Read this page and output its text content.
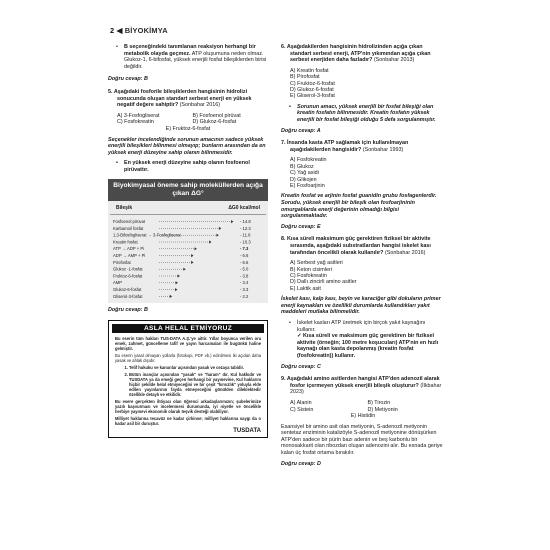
2 ◀ BİYOKİMYA

• B seçeneğindeki tanımlanan reaksiyon herhangi bir metabolik olayda geçmez. ATP oluşumuna neden olmaz. Glukoz-1, 6-bifosfat, yüksek enerjili fosfat bileşiklerden birisi değildir.

Doğru cevap: B

5. Aşağıdaki fosforile bileşiklerden hangisinin hidrolizi sonucunda oluşan standart serbest enerji en yüksek negatif değere sahiptir? (Sonbahar 2016)

A) 3-Fosfogliserat	B) Fosfoenol pirüvat
C) Fosfokreatin	D) Glukoz-6-fosfat
E) Fruktoz-6-fosfat

Seçenekler incelendiğinde sorunun amacının sadece yüksek enerjili bileşikleri bilinmesi olmayıp; bunların arasından da en yüksek enerji düzeyine sahip olanın bilinmesidir.

• En yüksek enerji düzeyine sahip olanın fosfoenol pirüvattır.

Biyokimyasal öneme sahip moleküllerden açığa çıkan ΔG°
Bileşik	ΔG0 kcal/mol
Fosfoenol pirüvat	- 14.8
Karbamoil fosfat	- 12.3
1,3-Bifosfogliserat → 3-Fosfogliserat	- 11.8
Kreatin fosfat	- 10.3
ATP → ADP + Pi	- 7.3
ADP → AMP + Pi	- 6.6
Pirofosfat	- 6.6
Glukoz -1-fosfat	- 5.0
Fruktoz-6-fosfat	- 3.8
AMP	- 3.4
Glukoz-6-fosfat	- 3.3
Gliserol-3-fosfat	- 2.2

Doğru cevap: B

ASLA HELAL ETMİYORUZ

Bu eserin tüm hakları TUS-DATA A.Ş.'ye aittir. Yıllar boyunca verilen ora emek, zahmet, güncelleme tafif ve yayın harcamaları ile bugünkü haline gelmiştir.

Bu eserin yasal olmayan yollarla (fotokopi, PDF vb.) edinilmesi iki açıdan daha yasak ve ahlak dışıdır.

1. Telif hukuku ve kanunlar açısından yasak ve cezaya tabidir.
2. Bütün inançlar açısından "yasak" ve "haram" dır. Kul hakkıdır ve TUSDATA ya da emeği geçen herhangi bir yayınevine, Kul haklarını hiçbir şekilde helal etmiyeceğini ve bir çeşit "hırsızlık" yoluyla elde edilen yayınlarının fayda etmeyeceğini gönülden dileklektedir özellikle detaylı ve etkilidir.

Bu esere gerçekten ihtiyacı olan öğrenci arkadaşlarımızın; şubelerimize yazılı başvurması ve incelenmesi durumunda, iyi niyetle ve öncelikle herbiye yayınevi ekonomik olarak teşvik desteği olabiliyor.

Milliyet haklarına tecavüz ne kadar çirkinse; milliyet haklarına saygı da o kadar asil bir duruştur.

TUSDATA

6. Aşağıdakilerden hangisinin hidrolizinden açığa çıkan standart serbest enerji, ATP'nin yıkımından açığa çıkan serbest enerjiden daha fazladır? (Sonbahar 2013)

A) Kreatin fosfat
B) Pirofosfat
C) Fruktoz-6-fosfat
D) Glukoz-6-fosfat
E) Gliserol-3-fosfat

• Sorunun amacı, yüksek enerjili bir fosfat bileşiği olan kreatin fosfatın bilinmesidir. Kreatin fosfatın yüksek enerjili bir fosfat bileşiği olduğu 5 defa sorgulanmıştır.

Doğru cevap: A

7. İnsanda kasta ATP sağlamak için kullanılmayan aşağıdakilerden hangisidir? (Sonbahar 1993)

A) Fosfokreatin
B) Glukoz
C) Yağ asidi
D) Glikojen
E) Fosfoarjinin

Kreatin fosfat ve arjinin fosfat guanidin grubu fosfagenlerdir. Sorudu, yüksek enerjili bir bileşik olan fosfoarjininin omurgalılarda enerji değerinin olmadığı bilgisi sorgulanmaktadır.

Doğru cevap: E

8. Kısa süreli maksimum güç gerektiren fiziksel bir aktivite sırasında, aşağıdaki substratlardan hangisi iskelet kası tarafından öncelikli olarak kullanılır? (Sonbahar 2016)

A) Serbest yağ asitleri
B) Keton cisimleri
C) Fosfokreatin
D) Dallı zincirli amino asitler
E) Laktik asit

İskelet kası, kalp kası, beyin ve karaciğer gibi dokuların primer enerji kaynakları ve özellikli durumlarda kullandıkları yakıt maddeleri mutlaka bilinmelidir.

• İskelet kasları ATP üretmek için birçok yakıt kaynağını kullanır.

✓ Kısa süreli ve maksimum güç gerektiren bir fiziksel aktivite (örneğin; 100 metre koşucuları) ATP'nin en hızlı kaynağı olan kasta depolanmış (kreatin fosfat (fosfokreatin)) kullanır.

Doğru cevap: C

9. Aşağıdaki amino asitlerden hangisi ATP'den adenozil alarak fosfor içermeyen yüksek enerjili bileşik oluşturur? (İlkbahar 2023)

A) Alanin	B) Tirozin
C) Sistein	D) Metiyonin
E) Histidin

Esansiyel bir amino asit olan metiyonin, S-adenozil metiyonin sentetaz enziminin katalizöyle S-adenozil metiyonine dönüşürken ATP'den sadece bir pürin bazı adenin ve beş karbonlu bir monosakkarit olan ribozdan oluşan adenozini alır. Bu esnada geriye kalan üç fosfat ortama bırakılır.

Doğru cevap: D
